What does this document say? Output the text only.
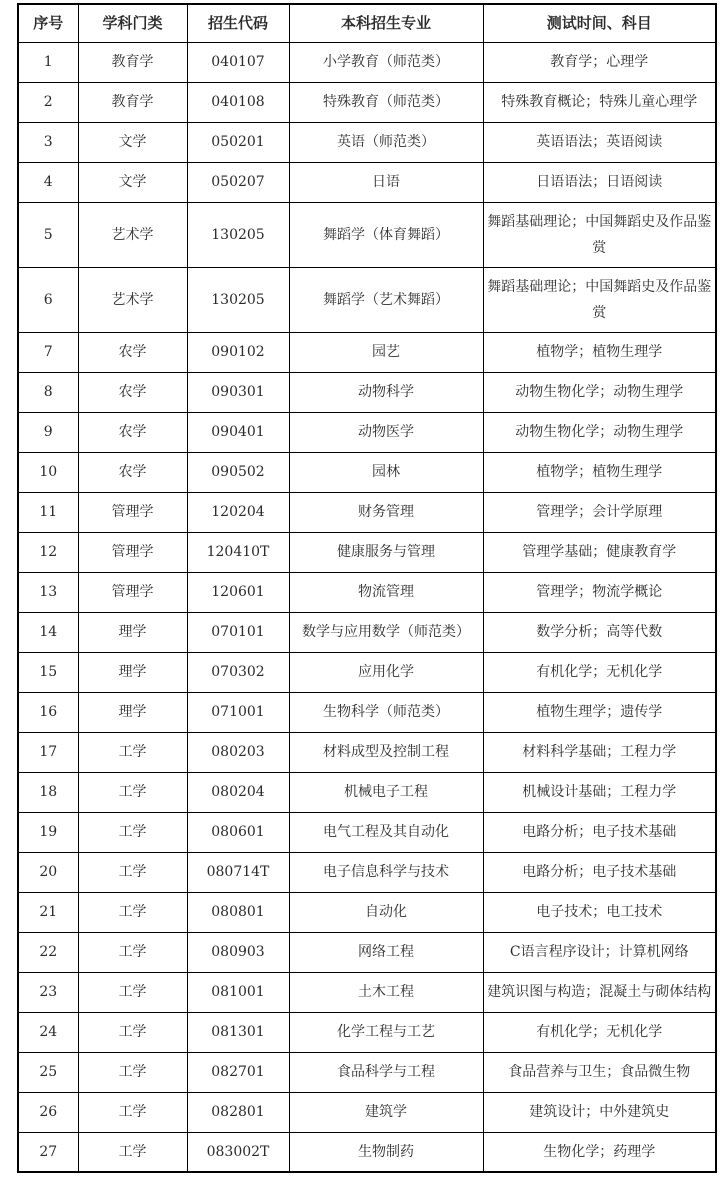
序号	学科门类	招生代码	本科招生专业	测试时间、科目
1	教育学	040107	小学教育（师范类）	教育学；心理学
2	教育学	040108	特殊教育（师范类）	特殊教育概论；特殊儿童心理学
3	文学	050201	英语（师范类）	英语语法；英语阅读
4	文学	050207	日语	日语语法；日语阅读
5	艺术学	130205	舞蹈学（体育舞蹈）	舞蹈基础理论；中国舞蹈史及作品鉴赏
6	艺术学	130205	舞蹈学（艺术舞蹈）	舞蹈基础理论；中国舞蹈史及作品鉴赏
7	农学	090102	园艺	植物学；植物生理学
8	农学	090301	动物科学	动物生物化学；动物生理学
9	农学	090401	动物医学	动物生物化学；动物生理学
10	农学	090502	园林	植物学；植物生理学
11	管理学	120204	财务管理	管理学；会计学原理
12	管理学	120410T	健康服务与管理	管理学基础；健康教育学
13	管理学	120601	物流管理	管理学；物流学概论
14	理学	070101	数学与应用数学（师范类）	数学分析；高等代数
15	理学	070302	应用化学	有机化学；无机化学
16	理学	071001	生物科学（师范类）	植物生理学；遗传学
17	工学	080203	材料成型及控制工程	材料科学基础；工程力学
18	工学	080204	机械电子工程	机械设计基础；工程力学
19	工学	080601	电气工程及其自动化	电路分析；电子技术基础
20	工学	080714T	电子信息科学与技术	电路分析；电子技术基础
21	工学	080801	自动化	电子技术；电工技术
22	工学	080903	网络工程	C语言程序设计；计算机网络
23	工学	081001	土木工程	建筑识图与构造；混凝土与砌体结构
24	工学	081301	化学工程与工艺	有机化学；无机化学
25	工学	082701	食品科学与工程	食品营养与卫生；食品微生物
26	工学	082801	建筑学	建筑设计；中外建筑史
27	工学	083002T	生物制药	生物化学；药理学
